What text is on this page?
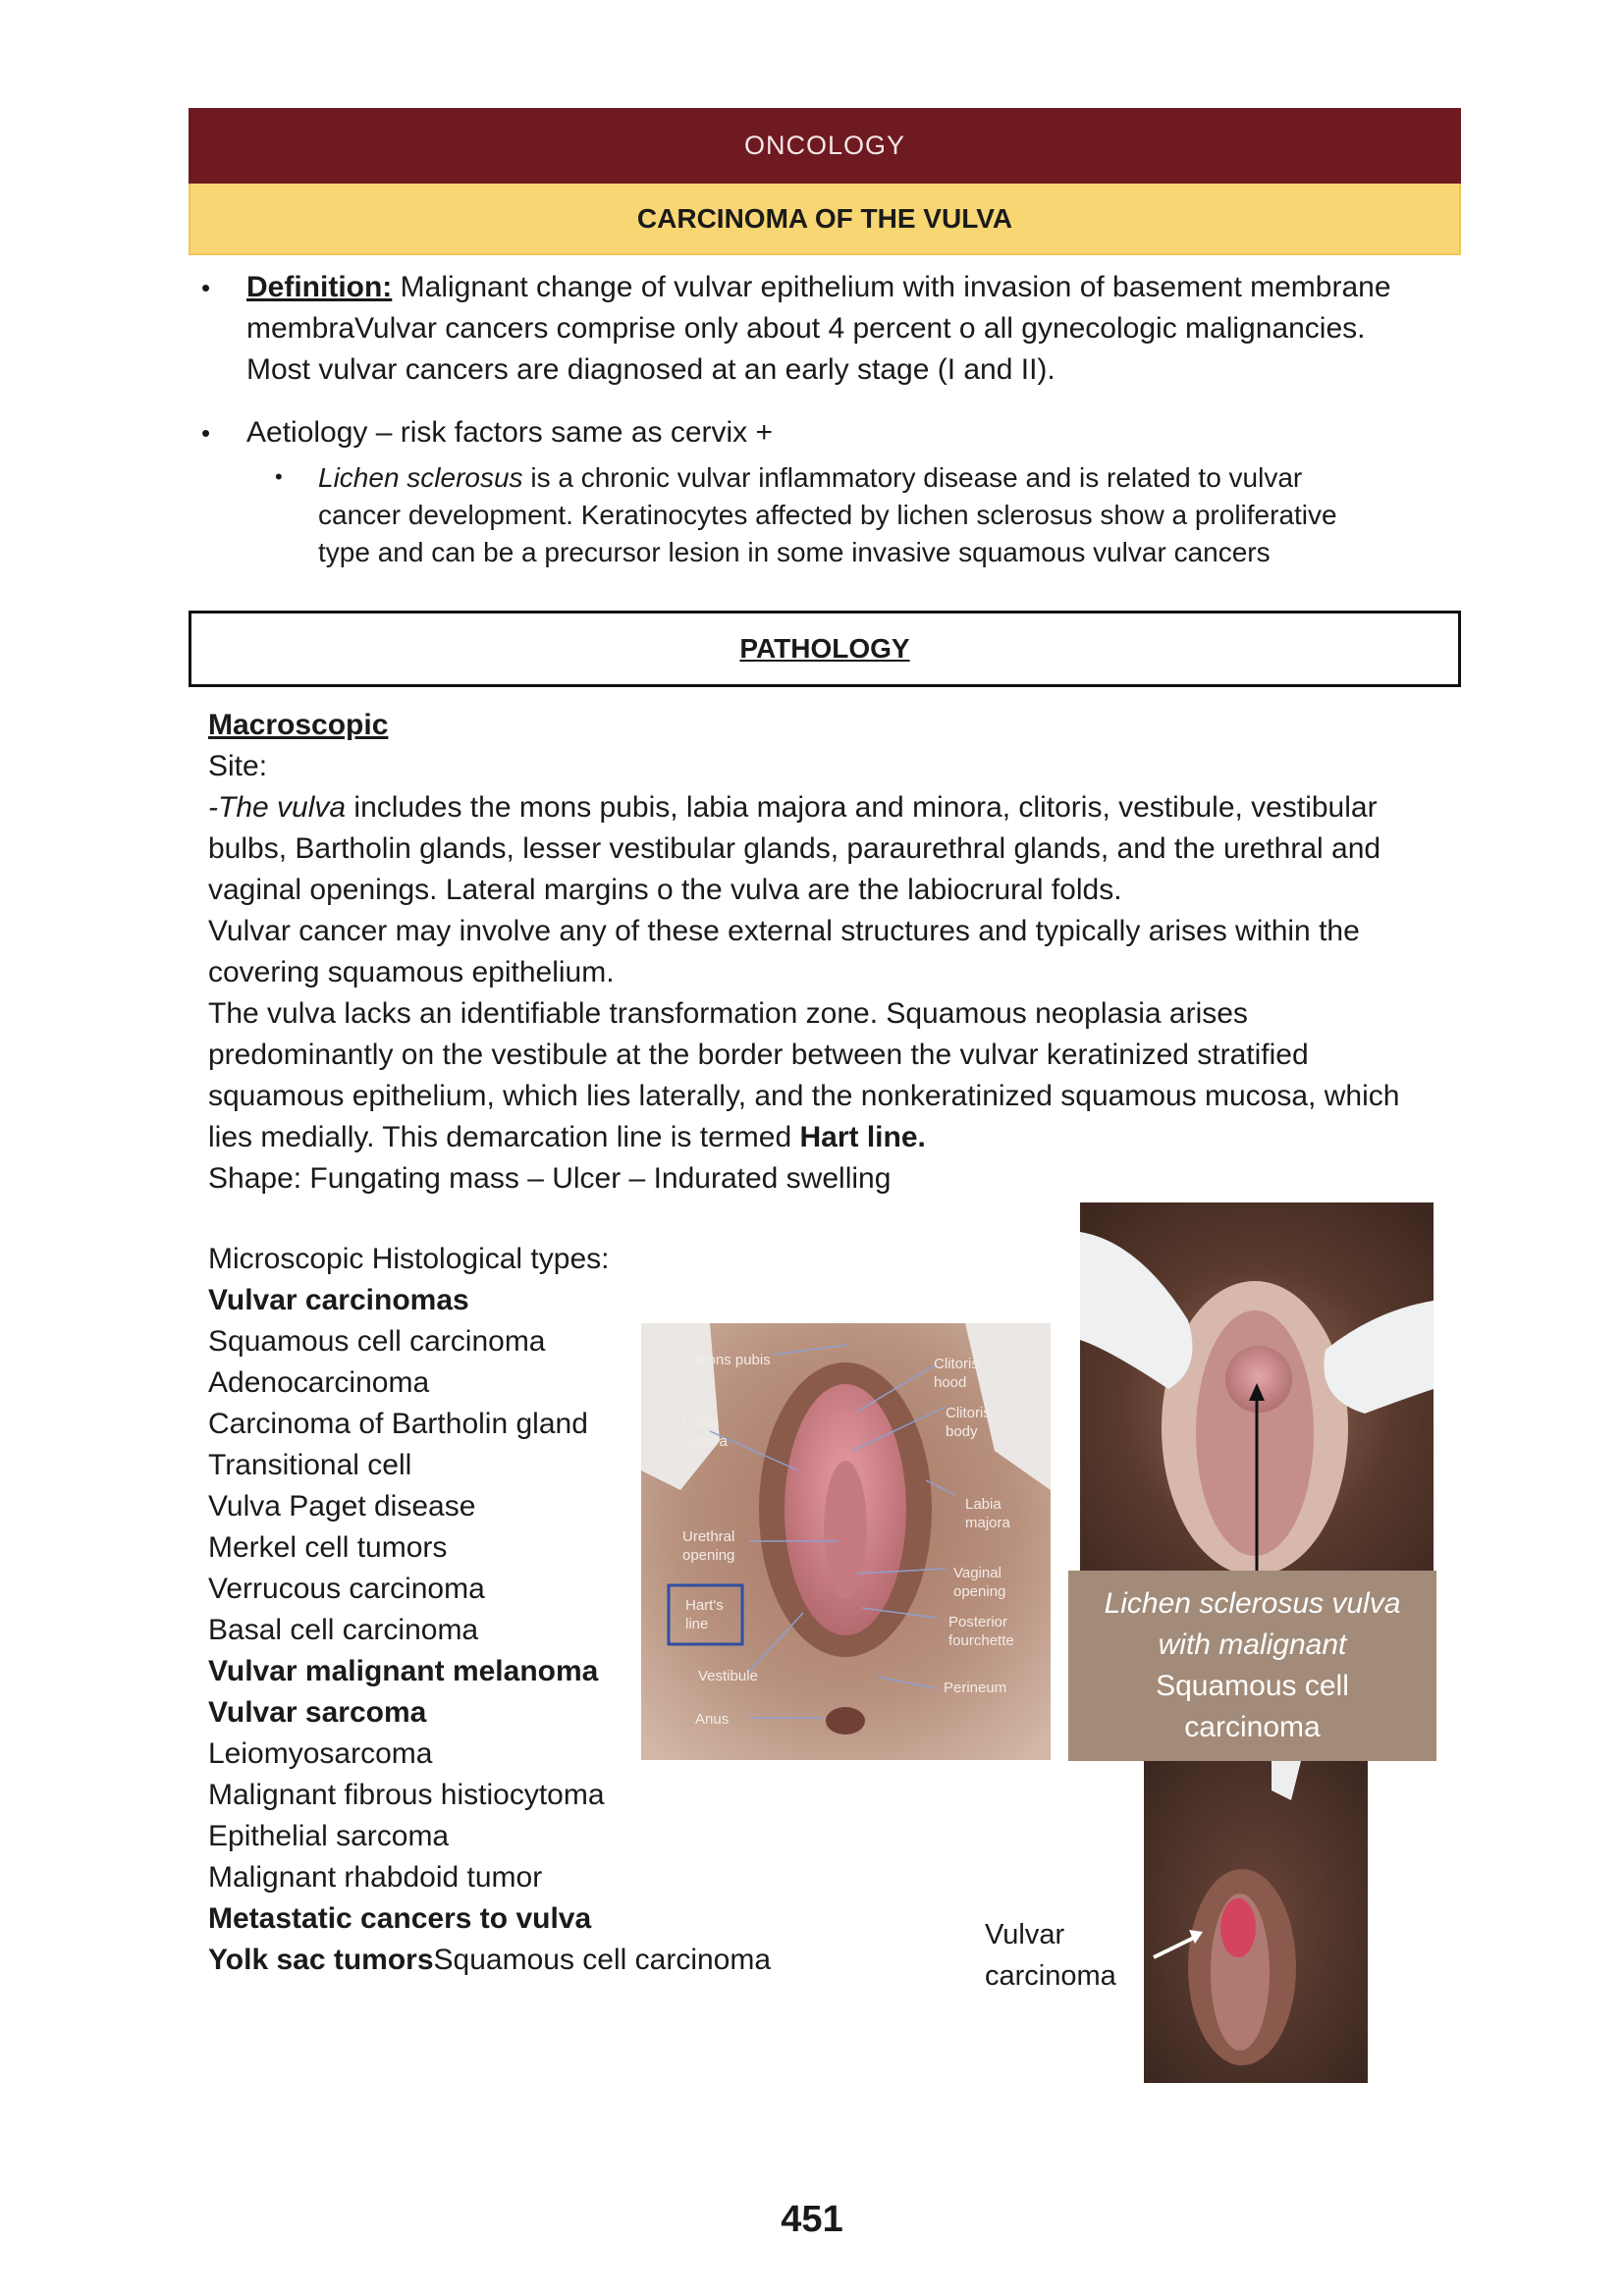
ONCOLOGY
CARCINOMA OF THE VULVA
• Definition: Malignant change of vulvar epithelium with invasion of basement membrane
membraVulvar cancers comprise only about 4 percent o all gynecologic malignancies.
Most vulvar cancers are diagnosed at an early stage (I and II).
• Aetiology – risk factors same as cervix +
• Lichen sclerosus is a chronic vulvar inflammatory disease and is related to vulvar
cancer development. Keratinocytes affected by lichen sclerosus show a proliferative
type and can be a precursor lesion in some invasive squamous vulvar cancers
PATHOLOGY
Macroscopic
Site:
-The vulva includes the mons pubis, labia majora and minora, clitoris, vestibule, vestibular
bulbs, Bartholin glands, lesser vestibular glands, paraurethral glands, and the urethral and
vaginal openings. Lateral margins o the vulva are the labiocrural folds.
Vulvar cancer may involve any of these external structures and typically arises within the
covering squamous epithelium.
The vulva lacks an identifiable transformation zone. Squamous neoplasia arises
predominantly on the vestibule at the border between the vulvar keratinized stratified
squamous epithelium, which lies laterally, and the nonkeratinized squamous mucosa, which
lies medially. This demarcation line is termed Hart line.
Shape: Fungating mass – Ulcer – Indurated swelling
Microscopic Histological types:
Vulvar carcinomas
Squamous cell carcinoma
Adenocarcinoma
Carcinoma of Bartholin gland
Transitional cell
Vulva Paget disease
Merkel cell tumors
Verrucous carcinoma
Basal cell carcinoma
Vulvar malignant melanoma
Vulvar sarcoma
Leiomyosarcoma
Malignant fibrous histiocytoma
Epithelial sarcoma
Malignant rhabdoid tumor
Metastatic cancers to vulva
Yolk sac tumorsSquamous cell carcinoma
Mons pubis	Clitoris
hood
Clitoris
body
Labia
minora
Labia
majora
Urethral
opening
Vaginal
opening
Hart's
line	Posterior
fourchette
Vestibule
Perineum
Anus
Lichen sclerosus vulva
with malignant
Squamous cell
carcinoma
Vulvar
carcinoma
451
